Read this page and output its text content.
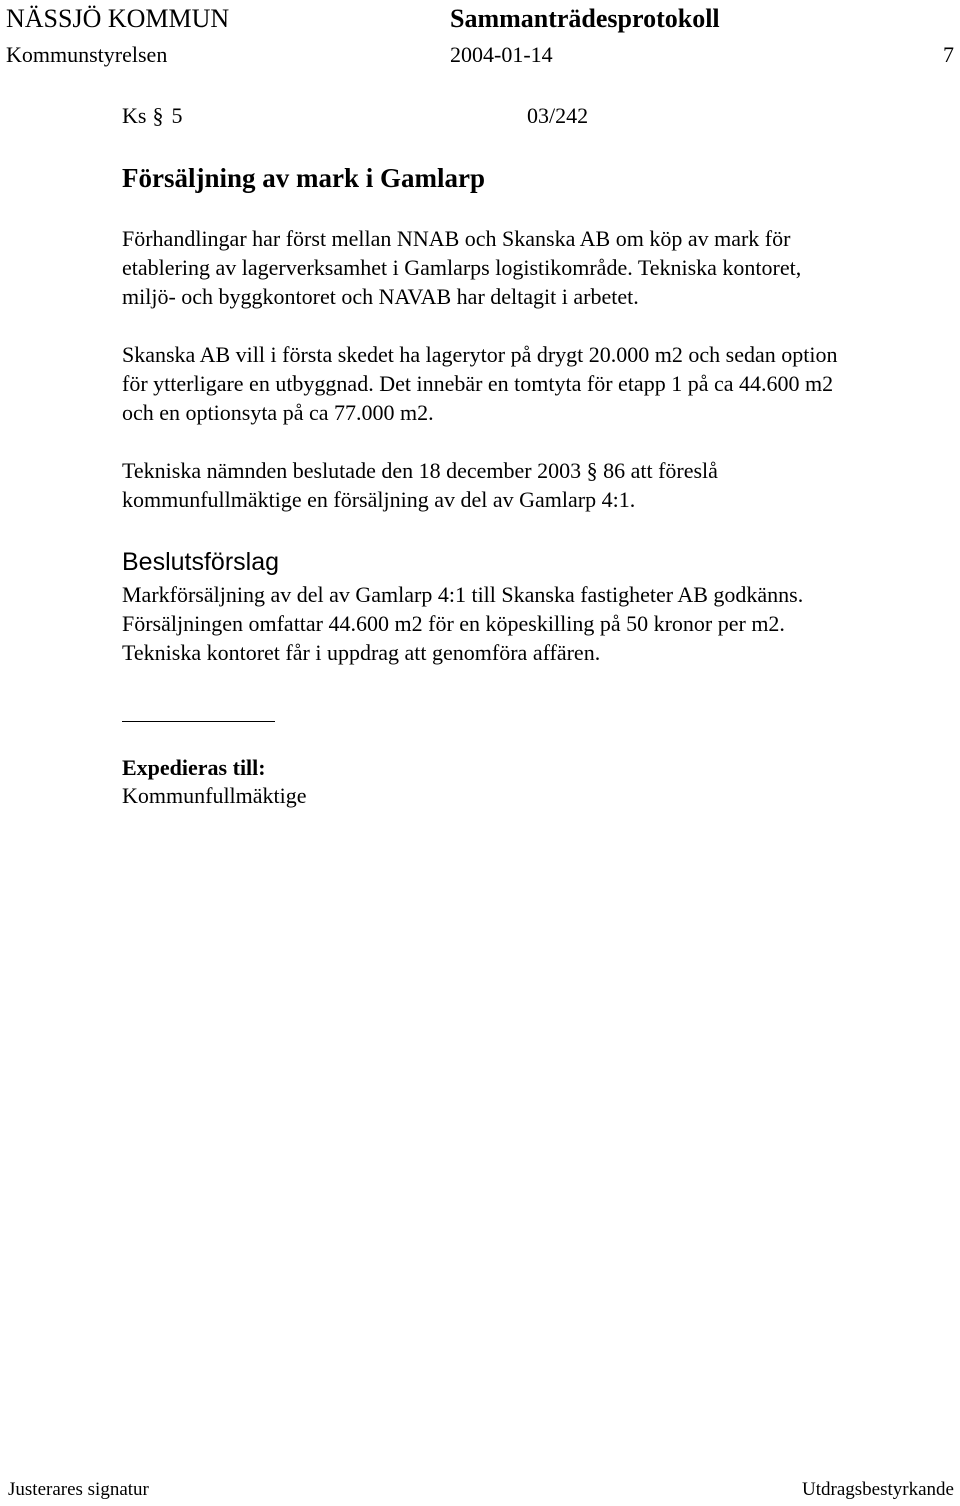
NÄSSJÖ KOMMUN	Sammanträdesprotokoll
Kommunstyrelsen	2004-01-14	7
Ks § 5	03/242
Försäljning av mark i Gamlarp
Förhandlingar har först mellan NNAB och Skanska AB om köp av mark för
etablering av lagerverksamhet i Gamlarps logistikområde. Tekniska kontoret,
miljö- och byggkontoret och NAVAB har deltagit i arbetet.
Skanska AB vill i första skedet ha lagerytor på drygt 20.000 m2 och sedan option
för ytterligare en utbyggnad. Det innebär en tomtyta för etapp 1 på ca 44.600 m2
och en optionsyta på ca 77.000 m2.
Tekniska nämnden beslutade den 18 december 2003 § 86 att föreslå
kommunfullmäktige en försäljning av del av Gamlarp 4:1.
Beslutsförslag
Markförsäljning av del av Gamlarp 4:1 till Skanska fastigheter AB godkänns.
Försäljningen omfattar 44.600 m2 för en köpeskilling på 50 kronor per m2.
Tekniska kontoret får i uppdrag att genomföra affären.
Expedieras till:
Kommunfullmäktige
Justerares signatur	Utdragsbestyrkande
